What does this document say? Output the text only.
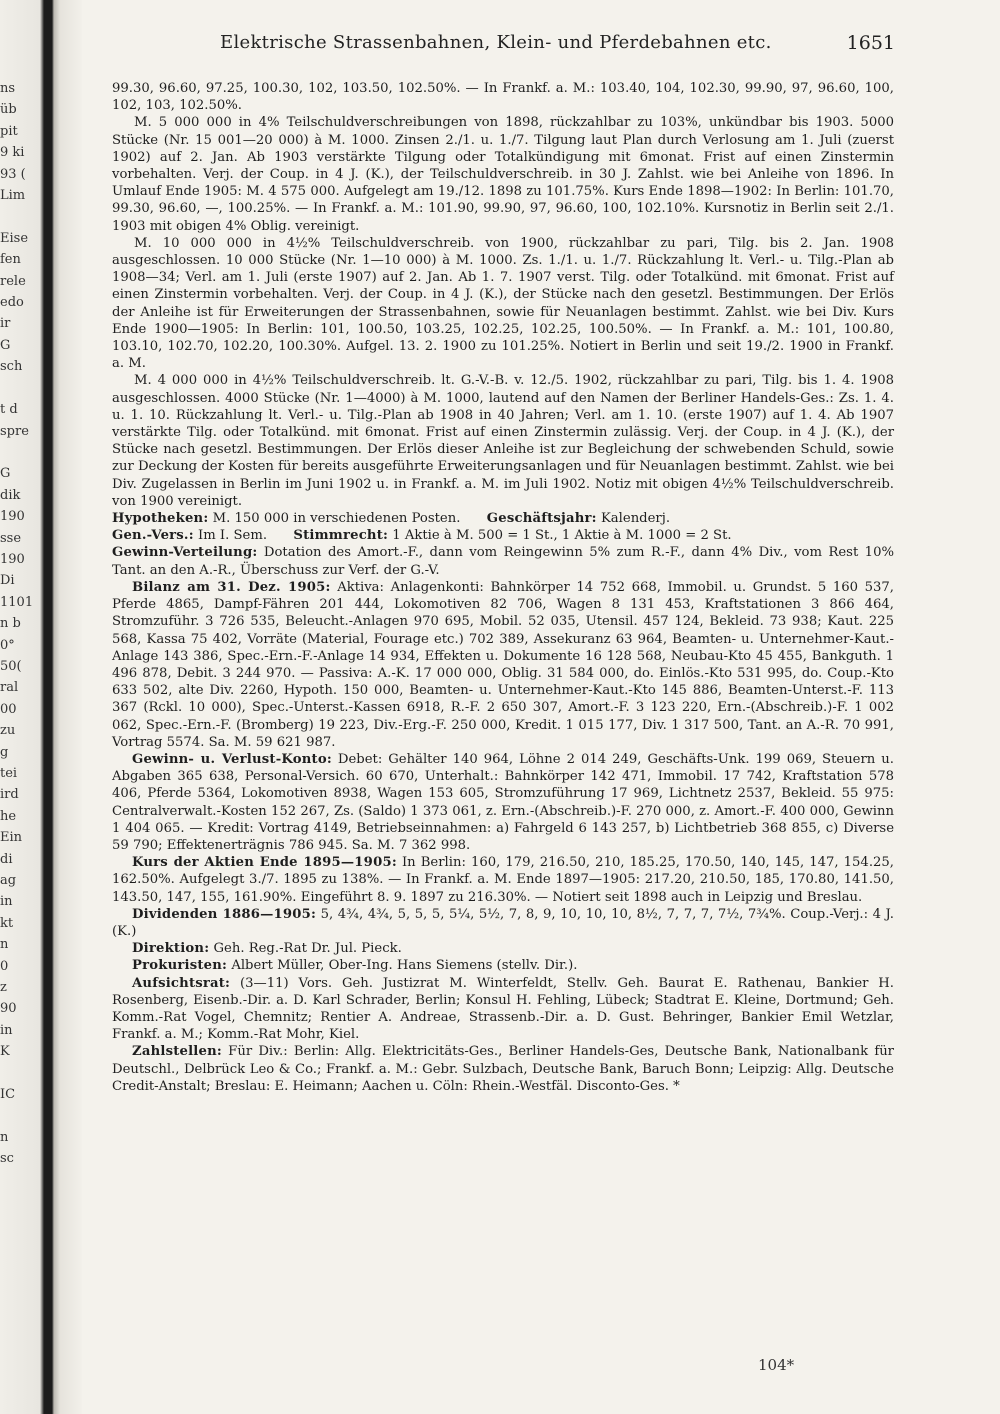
ns
üb
pit
9 ki
93 (
Lim

Eise
fen
rele
edo
ir
G
sch

t d
spre

G
dik
190
sse
190
Di
1101
n b
0°
50(
ral
00
zu
g
tei
ird
he
Ein
di
ag
in
kt
n
0
z
90
in
K

IC

n
sc
Elektrische Strassenbahnen, Klein- und Pferdebahnen etc.	1651

99.30, 96.60, 97.25, 100.30, 102, 103.50, 102.50%. — In Frankf. a. M.: 103.40, 104, 102.30, 99.90, 97, 96.60, 100, 102, 103, 102.50%.

M. 5 000 000 in 4% Teilschuldverschreibungen von 1898, rückzahlbar zu 103%, unkündbar bis 1903. 5000 Stücke (Nr. 15 001—20 000) à M. 1000. Zinsen 2./1. u. 1./7. Tilgung laut Plan durch Verlosung am 1. Juli (zuerst 1902) auf 2. Jan. Ab 1903 verstärkte Tilgung oder Totalkündigung mit 6monat. Frist auf einen Zinstermin vorbehalten. Verj. der Coup. in 4 J. (K.), der Teilschuldverschreib. in 30 J. Zahlst. wie bei Anleihe von 1896. In Umlauf Ende 1905: M. 4 575 000. Aufgelegt am 19./12. 1898 zu 101.75%. Kurs Ende 1898—1902: In Berlin: 101.70, 99.30, 96.60, —, 100.25%. — In Frankf. a. M.: 101.90, 99.90, 97, 96.60, 100, 102.10%. Kursnotiz in Berlin seit 2./1. 1903 mit obigen 4% Oblig. vereinigt.

M. 10 000 000 in 4½% Teilschuldverschreib. von 1900, rückzahlbar zu pari, Tilg. bis 2. Jan. 1908 ausgeschlossen. 10 000 Stücke (Nr. 1—10 000) à M. 1000. Zs. 1./1. u. 1./7. Rückzahlung lt. Verl.- u. Tilg.-Plan ab 1908—34; Verl. am 1. Juli (erste 1907) auf 2. Jan. Ab 1. 7. 1907 verst. Tilg. oder Totalkünd. mit 6monat. Frist auf einen Zinstermin vorbehalten. Verj. der Coup. in 4 J. (K.), der Stücke nach den gesetzl. Bestimmungen. Der Erlös der Anleihe ist für Erweiterungen der Strassenbahnen, sowie für Neuanlagen bestimmt. Zahlst. wie bei Div. Kurs Ende 1900—1905: In Berlin: 101, 100.50, 103.25, 102.25, 102.25, 100.50%. — In Frankf. a. M.: 101, 100.80, 103.10, 102.70, 102.20, 100.30%. Aufgel. 13. 2. 1900 zu 101.25%. Notiert in Berlin und seit 19./2. 1900 in Frankf. a. M.

M. 4 000 000 in 4½% Teilschuldverschreib. lt. G.-V.-B. v. 12./5. 1902, rückzahlbar zu pari, Tilg. bis 1. 4. 1908 ausgeschlossen. 4000 Stücke (Nr. 1—4000) à M. 1000, lautend auf den Namen der Berliner Handels-Ges.: Zs. 1. 4. u. 1. 10. Rückzahlung lt. Verl.- u. Tilg.-Plan ab 1908 in 40 Jahren; Verl. am 1. 10. (erste 1907) auf 1. 4. Ab 1907 verstärkte Tilg. oder Totalkünd. mit 6monat. Frist auf einen Zinstermin zulässig. Verj. der Coup. in 4 J. (K.), der Stücke nach gesetzl. Bestimmungen. Der Erlös dieser Anleihe ist zur Begleichung der schwebenden Schuld, sowie zur Deckung der Kosten für bereits ausgeführte Erweiterungsanlagen und für Neuanlagen bestimmt. Zahlst. wie bei Div. Zugelassen in Berlin im Juni 1902 u. in Frankf. a. M. im Juli 1902. Notiz mit obigen 4½% Teilschuldverschreib. von 1900 vereinigt.

Hypotheken: M. 150 000 in verschiedenen Posten.   Geschäftsjahr: Kalenderj.

Gen.-Vers.: Im I. Sem.   Stimmrecht: 1 Aktie à M. 500 = 1 St., 1 Aktie à M. 1000 = 2 St.

Gewinn-Verteilung: Dotation des Amort.-F., dann vom Reingewinn 5% zum R.-F., dann 4% Div., vom Rest 10% Tant. an den A.-R., Überschuss zur Verf. der G.-V.

Bilanz am 31. Dez. 1905: Aktiva: Anlagenkonti: Bahnkörper 14 752 668, Immobil. u. Grundst. 5 160 537, Pferde 4865, Dampf-Fähren 201 444, Lokomotiven 82 706, Wagen 8 131 453, Kraftstationen 3 866 464, Stromzuführ. 3 726 535, Beleucht.-Anlagen 970 695, Mobil. 52 035, Utensil. 457 124, Bekleid. 73 938; Kaut. 225 568, Kassa 75 402, Vorräte (Material, Fourage etc.) 702 389, Assekuranz 63 964, Beamten- u. Unternehmer-Kaut.-Anlage 143 386, Spec.-Ern.-F.-Anlage 14 934, Effekten u. Dokumente 16 128 568, Neubau-Kto 45 455, Bankguth. 1 496 878, Debit. 3 244 970. — Passiva: A.-K. 17 000 000, Oblig. 31 584 000, do. Einlös.-Kto 531 995, do. Coup.-Kto 633 502, alte Div. 2260, Hypoth. 150 000, Beamten- u. Unternehmer-Kaut.-Kto 145 886, Beamten-Unterst.-F. 113 367 (Rckl. 10 000), Spec.-Unterst.-Kassen 6918, R.-F. 2 650 307, Amort.-F. 3 123 220, Ern.-(Abschreib.)-F. 1 002 062, Spec.-Ern.-F. (Bromberg) 19 223, Div.-Erg.-F. 250 000, Kredit. 1 015 177, Div. 1 317 500, Tant. an A.-R. 70 991, Vortrag 5574. Sa. M. 59 621 987.

Gewinn- u. Verlust-Konto: Debet: Gehälter 140 964, Löhne 2 014 249, Geschäfts-Unk. 199 069, Steuern u. Abgaben 365 638, Personal-Versich. 60 670, Unterhalt.: Bahnkörper 142 471, Immobil. 17 742, Kraftstation 578 406, Pferde 5364, Lokomotiven 8938, Wagen 153 605, Stromzuführung 17 969, Lichtnetz 2537, Bekleid. 55 975: Centralverwalt.-Kosten 152 267, Zs. (Saldo) 1 373 061, z. Ern.-(Abschreib.)-F. 270 000, z. Amort.-F. 400 000, Gewinn 1 404 065. — Kredit: Vortrag 4149, Betriebseinnahmen: a) Fahrgeld 6 143 257, b) Lichtbetrieb 368 855, c) Diverse 59 790; Effektenerträgnis 786 945. Sa. M. 7 362 998.

Kurs der Aktien Ende 1895—1905: In Berlin: 160, 179, 216.50, 210, 185.25, 170.50, 140, 145, 147, 154.25, 162.50%. Aufgelegt 3./7. 1895 zu 138%. — In Frankf. a. M. Ende 1897—1905: 217.20, 210.50, 185, 170.80, 141.50, 143.50, 147, 155, 161.90%. Eingeführt 8. 9. 1897 zu 216.30%. — Notiert seit 1898 auch in Leipzig und Breslau.

Dividenden 1886—1905: 5, 4¾, 4¾, 5, 5, 5, 5¼, 5½, 7, 8, 9, 10, 10, 10, 8½, 7, 7, 7, 7½, 7¾%. Coup.-Verj.: 4 J. (K.)

Direktion: Geh. Reg.-Rat Dr. Jul. Pieck.

Prokuristen: Albert Müller, Ober-Ing. Hans Siemens (stellv. Dir.).

Aufsichtsrat: (3—11) Vors. Geh. Justizrat M. Winterfeldt, Stellv. Geh. Baurat E. Rathenau, Bankier H. Rosenberg, Eisenb.-Dir. a. D. Karl Schrader, Berlin; Konsul H. Fehling, Lübeck; Stadtrat E. Kleine, Dortmund; Geh. Komm.-Rat Vogel, Chemnitz; Rentier A. Andreae, Strassenb.-Dir. a. D. Gust. Behringer, Bankier Emil Wetzlar, Frankf. a. M.; Komm.-Rat Mohr, Kiel.

Zahlstellen: Für Div.: Berlin: Allg. Elektricitäts-Ges., Berliner Handels-Ges, Deutsche Bank, Nationalbank für Deutschl., Delbrück Leo & Co.; Frankf. a. M.: Gebr. Sulzbach, Deutsche Bank, Baruch Bonn; Leipzig: Allg. Deutsche Credit-Anstalt; Breslau: E. Heimann; Aachen u. Cöln: Rhein.-Westfäl. Disconto-Ges. *

104*
